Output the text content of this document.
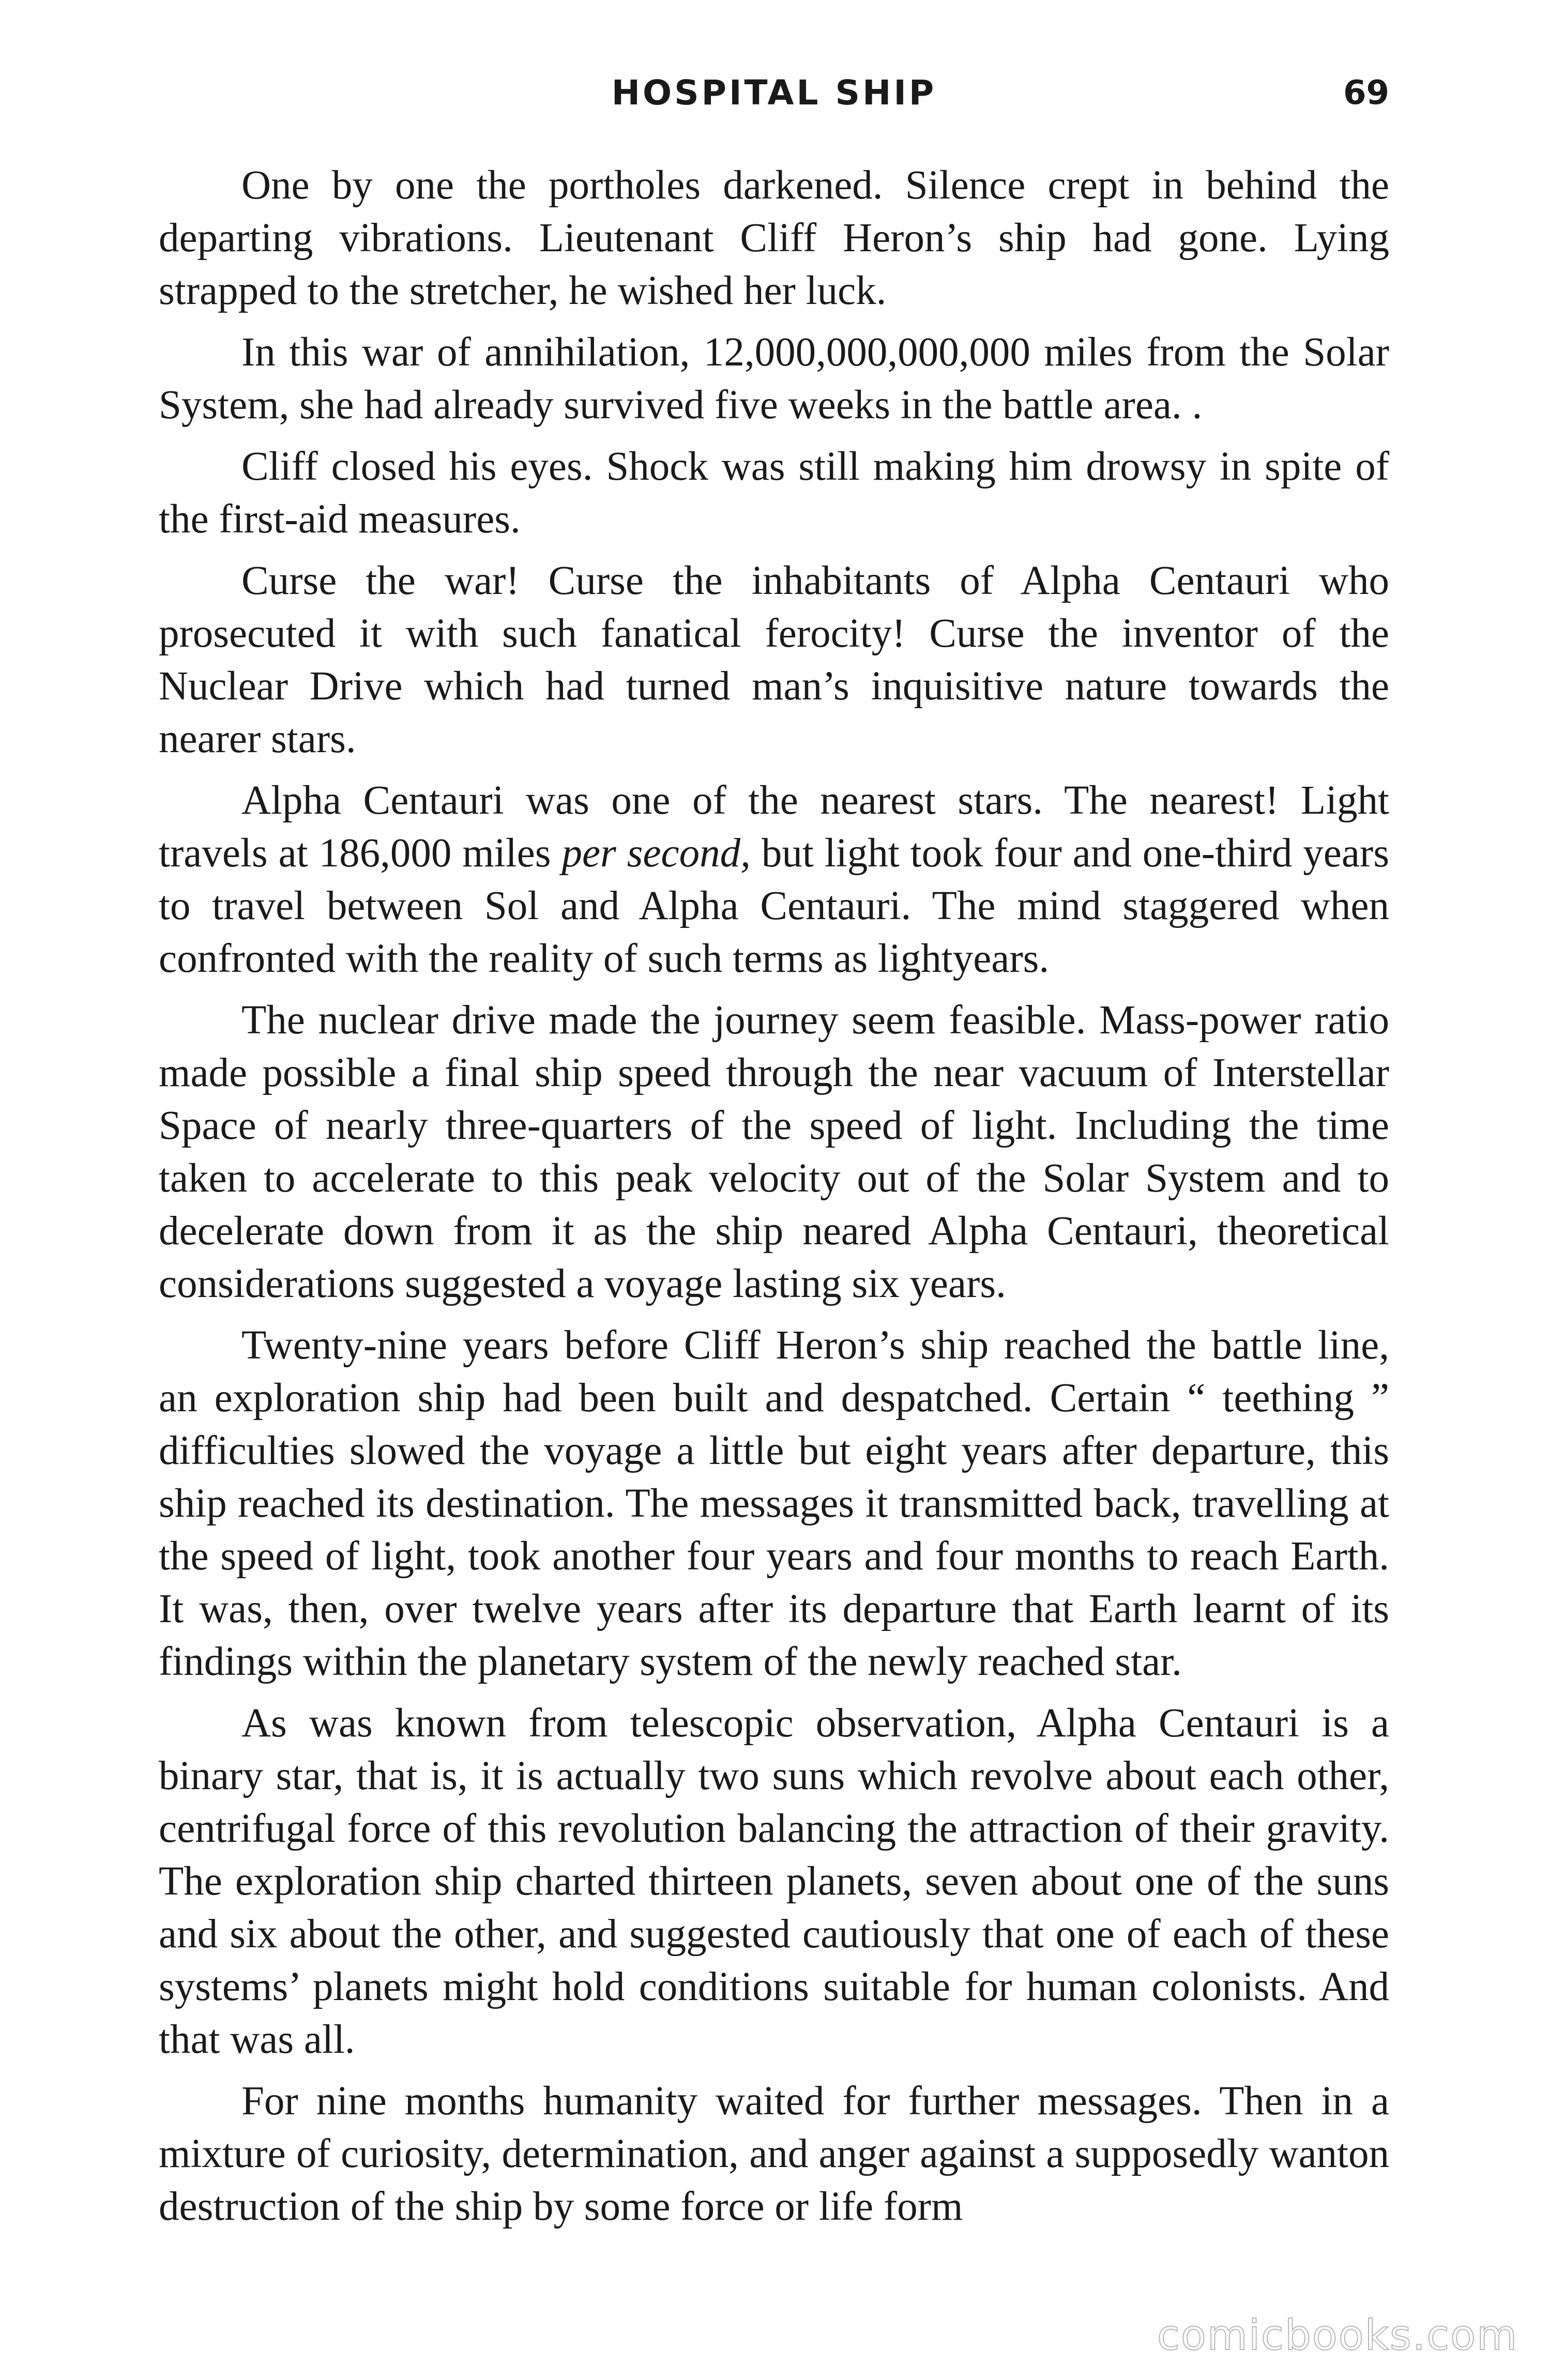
HOSPITAL SHIP	69

One by one the portholes darkened. Silence crept in behind the departing vibrations. Lieutenant Cliff Heron’s ship had gone. Lying strapped to the stretcher, he wished her luck.

In this war of annihilation, 12,000,000,000,000 miles from the Solar System, she had already survived five weeks in the battle area. .

Cliff closed his eyes. Shock was still making him drowsy in spite of the first-aid measures.

Curse the war! Curse the inhabitants of Alpha Centauri who prosecuted it with such fanatical ferocity! Curse the inventor of the Nuclear Drive which had turned man’s inquisitive nature towards the nearer stars.

Alpha Centauri was one of the nearest stars. The nearest! Light travels at 186,000 miles per second, but light took four and one-third years to travel between Sol and Alpha Centauri. The mind staggered when confronted with the reality of such terms as lightyears.

The nuclear drive made the journey seem feasible. Mass-power ratio made possible a final ship speed through the near vacuum of Interstellar Space of nearly three-quarters of the speed of light. Including the time taken to accelerate to this peak velocity out of the Solar System and to decelerate down from it as the ship neared Alpha Centauri, theoretical considerations suggested a voyage lasting six years.

Twenty-nine years before Cliff Heron’s ship reached the battle line, an exploration ship had been built and despatched. Certain “ teething ” difficulties slowed the voyage a little but eight years after departure, this ship reached its destination. The messages it transmitted back, travelling at the speed of light, took another four years and four months to reach Earth. It was, then, over twelve years after its departure that Earth learnt of its findings within the planetary system of the newly reached star.

As was known from telescopic observation, Alpha Centauri is a binary star, that is, it is actually two suns which revolve about each other, centrifugal force of this revolution balancing the attraction of their gravity. The exploration ship charted thirteen planets, seven about one of the suns and six about the other, and suggested cautiously that one of each of these systems’ planets might hold conditions suitable for human colonists. And that was all.

For nine months humanity waited for further messages. Then in a mixture of curiosity, determination, and anger against a supposedly wanton destruction of the ship by some force or life form

comicbooks.com
